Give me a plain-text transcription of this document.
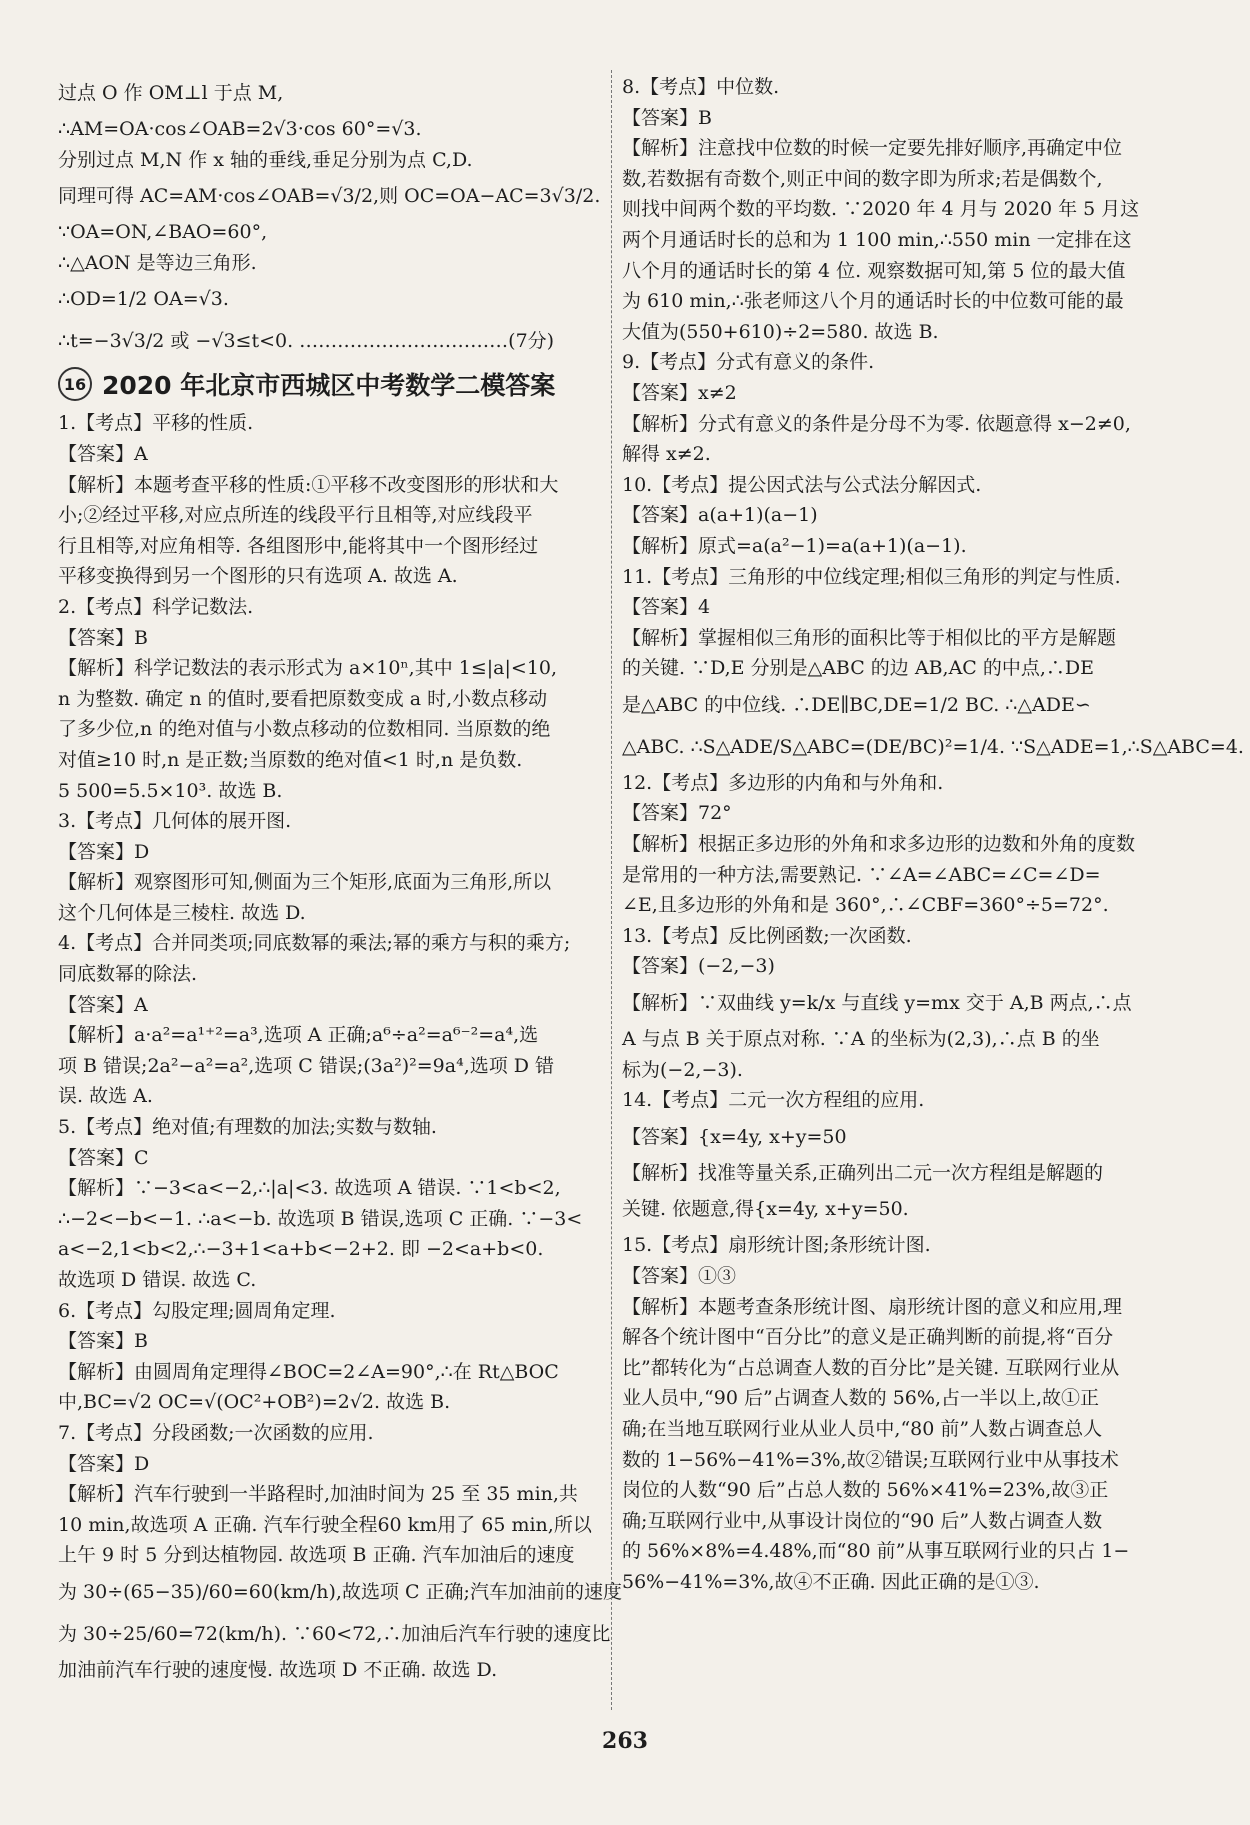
过点 O 作 OM⊥l 于点 M,
∴AM=OA·cos∠OAB=2√3·cos 60°=√3.
分别过点 M,N 作 x 轴的垂线,垂足分别为点 C,D.
同理可得 AC=AM·cos∠OAB=√3/2,则 OC=OA−AC=3√3/2.
∵OA=ON,∠BAO=60°,
∴△AON 是等边三角形.
∴OD=1/2 OA=√3.
∴t=−3√3/2 或 −√3≤t<0. ……………………………(7分)
16 2020 年北京市西城区中考数学二模答案
1.【考点】平移的性质.
【答案】A
【解析】本题考查平移的性质:①平移不改变图形的形状和大
小;②经过平移,对应点所连的线段平行且相等,对应线段平
行且相等,对应角相等. 各组图形中,能将其中一个图形经过
平移变换得到另一个图形的只有选项 A. 故选 A.
2.【考点】科学记数法.
【答案】B
【解析】科学记数法的表示形式为 a×10ⁿ,其中 1≤|a|<10,
n 为整数. 确定 n 的值时,要看把原数变成 a 时,小数点移动
了多少位,n 的绝对值与小数点移动的位数相同. 当原数的绝
对值≥10 时,n 是正数;当原数的绝对值<1 时,n 是负数.
5 500=5.5×10³. 故选 B.
3.【考点】几何体的展开图.
【答案】D
【解析】观察图形可知,侧面为三个矩形,底面为三角形,所以
这个几何体是三棱柱. 故选 D.
4.【考点】合并同类项;同底数幂的乘法;幂的乘方与积的乘方;
同底数幂的除法.
【答案】A
【解析】a·a²=a¹⁺²=a³,选项 A 正确;a⁶÷a²=a⁶⁻²=a⁴,选
项 B 错误;2a²−a²=a²,选项 C 错误;(3a²)²=9a⁴,选项 D 错
误. 故选 A.
5.【考点】绝对值;有理数的加法;实数与数轴.
【答案】C
【解析】∵−3<a<−2,∴|a|<3. 故选项 A 错误. ∵1<b<2,
∴−2<−b<−1. ∴a<−b. 故选项 B 错误,选项 C 正确. ∵−3<
a<−2,1<b<2,∴−3+1<a+b<−2+2. 即 −2<a+b<0.
故选项 D 错误. 故选 C.
6.【考点】勾股定理;圆周角定理.
【答案】B
【解析】由圆周角定理得∠BOC=2∠A=90°,∴在 Rt△BOC
中,BC=√2 OC=√(OC²+OB²)=2√2. 故选 B.
7.【考点】分段函数;一次函数的应用.
【答案】D
【解析】汽车行驶到一半路程时,加油时间为 25 至 35 min,共
10 min,故选项 A 正确. 汽车行驶全程60 km用了 65 min,所以
上午 9 时 5 分到达植物园. 故选项 B 正确. 汽车加油后的速度
为 30÷(65−35)/60=60(km/h),故选项 C 正确;汽车加油前的速度
为 30÷25/60=72(km/h). ∵60<72,∴加油后汽车行驶的速度比
加油前汽车行驶的速度慢. 故选项 D 不正确. 故选 D.
8.【考点】中位数.
【答案】B
【解析】注意找中位数的时候一定要先排好顺序,再确定中位
数,若数据有奇数个,则正中间的数字即为所求;若是偶数个,
则找中间两个数的平均数. ∵2020 年 4 月与 2020 年 5 月这
两个月通话时长的总和为 1 100 min,∴550 min 一定排在这
八个月的通话时长的第 4 位. 观察数据可知,第 5 位的最大值
为 610 min,∴张老师这八个月的通话时长的中位数可能的最
大值为(550+610)÷2=580. 故选 B.
9.【考点】分式有意义的条件.
【答案】x≠2
【解析】分式有意义的条件是分母不为零. 依题意得 x−2≠0,
解得 x≠2.
10.【考点】提公因式法与公式法分解因式.
【答案】a(a+1)(a−1)
【解析】原式=a(a²−1)=a(a+1)(a−1).
11.【考点】三角形的中位线定理;相似三角形的判定与性质.
【答案】4
【解析】掌握相似三角形的面积比等于相似比的平方是解题
的关键. ∵D,E 分别是△ABC 的边 AB,AC 的中点,∴DE
是△ABC 的中位线. ∴DE∥BC,DE=1/2 BC. ∴△ADE∽
△ABC. ∴S△ADE/S△ABC=(DE/BC)²=1/4. ∵S△ADE=1,∴S△ABC=4.
12.【考点】多边形的内角和与外角和.
【答案】72°
【解析】根据正多边形的外角和求多边形的边数和外角的度数
是常用的一种方法,需要熟记. ∵∠A=∠ABC=∠C=∠D=
∠E,且多边形的外角和是 360°,∴∠CBF=360°÷5=72°.
13.【考点】反比例函数;一次函数.
【答案】(−2,−3)
【解析】∵双曲线 y=k/x 与直线 y=mx 交于 A,B 两点,∴点
A 与点 B 关于原点对称. ∵A 的坐标为(2,3),∴点 B 的坐
标为(−2,−3).
14.【考点】二元一次方程组的应用.
【答案】{x=4y, x+y=50
【解析】找准等量关系,正确列出二元一次方程组是解题的
关键. 依题意,得{x=4y, x+y=50.
15.【考点】扇形统计图;条形统计图.
【答案】①③
【解析】本题考查条形统计图、扇形统计图的意义和应用,理
解各个统计图中“百分比”的意义是正确判断的前提,将“百分
比”都转化为“占总调查人数的百分比”是关键. 互联网行业从
业人员中,“90 后”占调查人数的 56%,占一半以上,故①正
确;在当地互联网行业从业人员中,“80 前”人数占调查总人
数的 1−56%−41%=3%,故②错误;互联网行业中从事技术
岗位的人数“90 后”占总人数的 56%×41%=23%,故③正
确;互联网行业中,从事设计岗位的“90 后”人数占调查人数
的 56%×8%=4.48%,而“80 前”从事互联网行业的只占 1−
56%−41%=3%,故④不正确. 因此正确的是①③.
263
